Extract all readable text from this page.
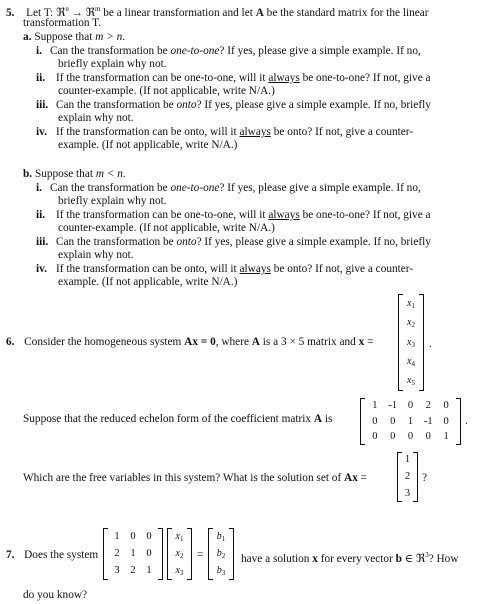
5. Let T: ℜ$^n$ → ℜ$^m$ be a linear transformation and let A be the standard matrix for the linear
transformation T.
a. Suppose that m > n.
i. Can the transformation be one-to-one? If yes, please give a simple example. If no,
briefly explain why not.
ii. If the transformation can be one-to-one, will it always be one-to-one? If not, give a
counter-example. (If not applicable, write N/A.)
iii. Can the transformation be onto? If yes, please give a simple example. If no, briefly
explain why not.
iv. If the transformation can be onto, will it always be onto? If not, give a counter-
example. (If not applicable, write N/A.)
b. Suppose that m < n.
i. Can the transformation be one-to-one? If yes, please give a simple example. If no,
briefly explain why not.
ii. If the transformation can be one-to-one, will it always be one-to-one? If not, give a
counter-example. (If not applicable, write N/A.)
iii. Can the transformation be onto? If yes, please give a simple example. If no, briefly
explain why not.
iv. If the transformation can be onto, will it always be onto? If not, give a counter-
example. (If not applicable, write N/A.)
6. Consider the homogeneous system Ax = 0, where A is a 3 × 5 matrix and x =
$x_1$
$x_2$
$x_3$
$x_4$
$x_5$
.
Suppose that the reduced echelon form of the coefficient matrix A is
1	-1	0	2	0
0	0	1	-1	0
0	0	0	0	1
.
Which are the free variables in this system? What is the solution set of Ax =
1
2
3
?
7. Does the system
1	0	0
2	1	0
3	2	1
$x_1$
$x_2$
$x_3$
=
$b_1$
$b_2$
$b_3$
have a solution x for every vector b ∈ ℜ$^3$? How
do you know?
